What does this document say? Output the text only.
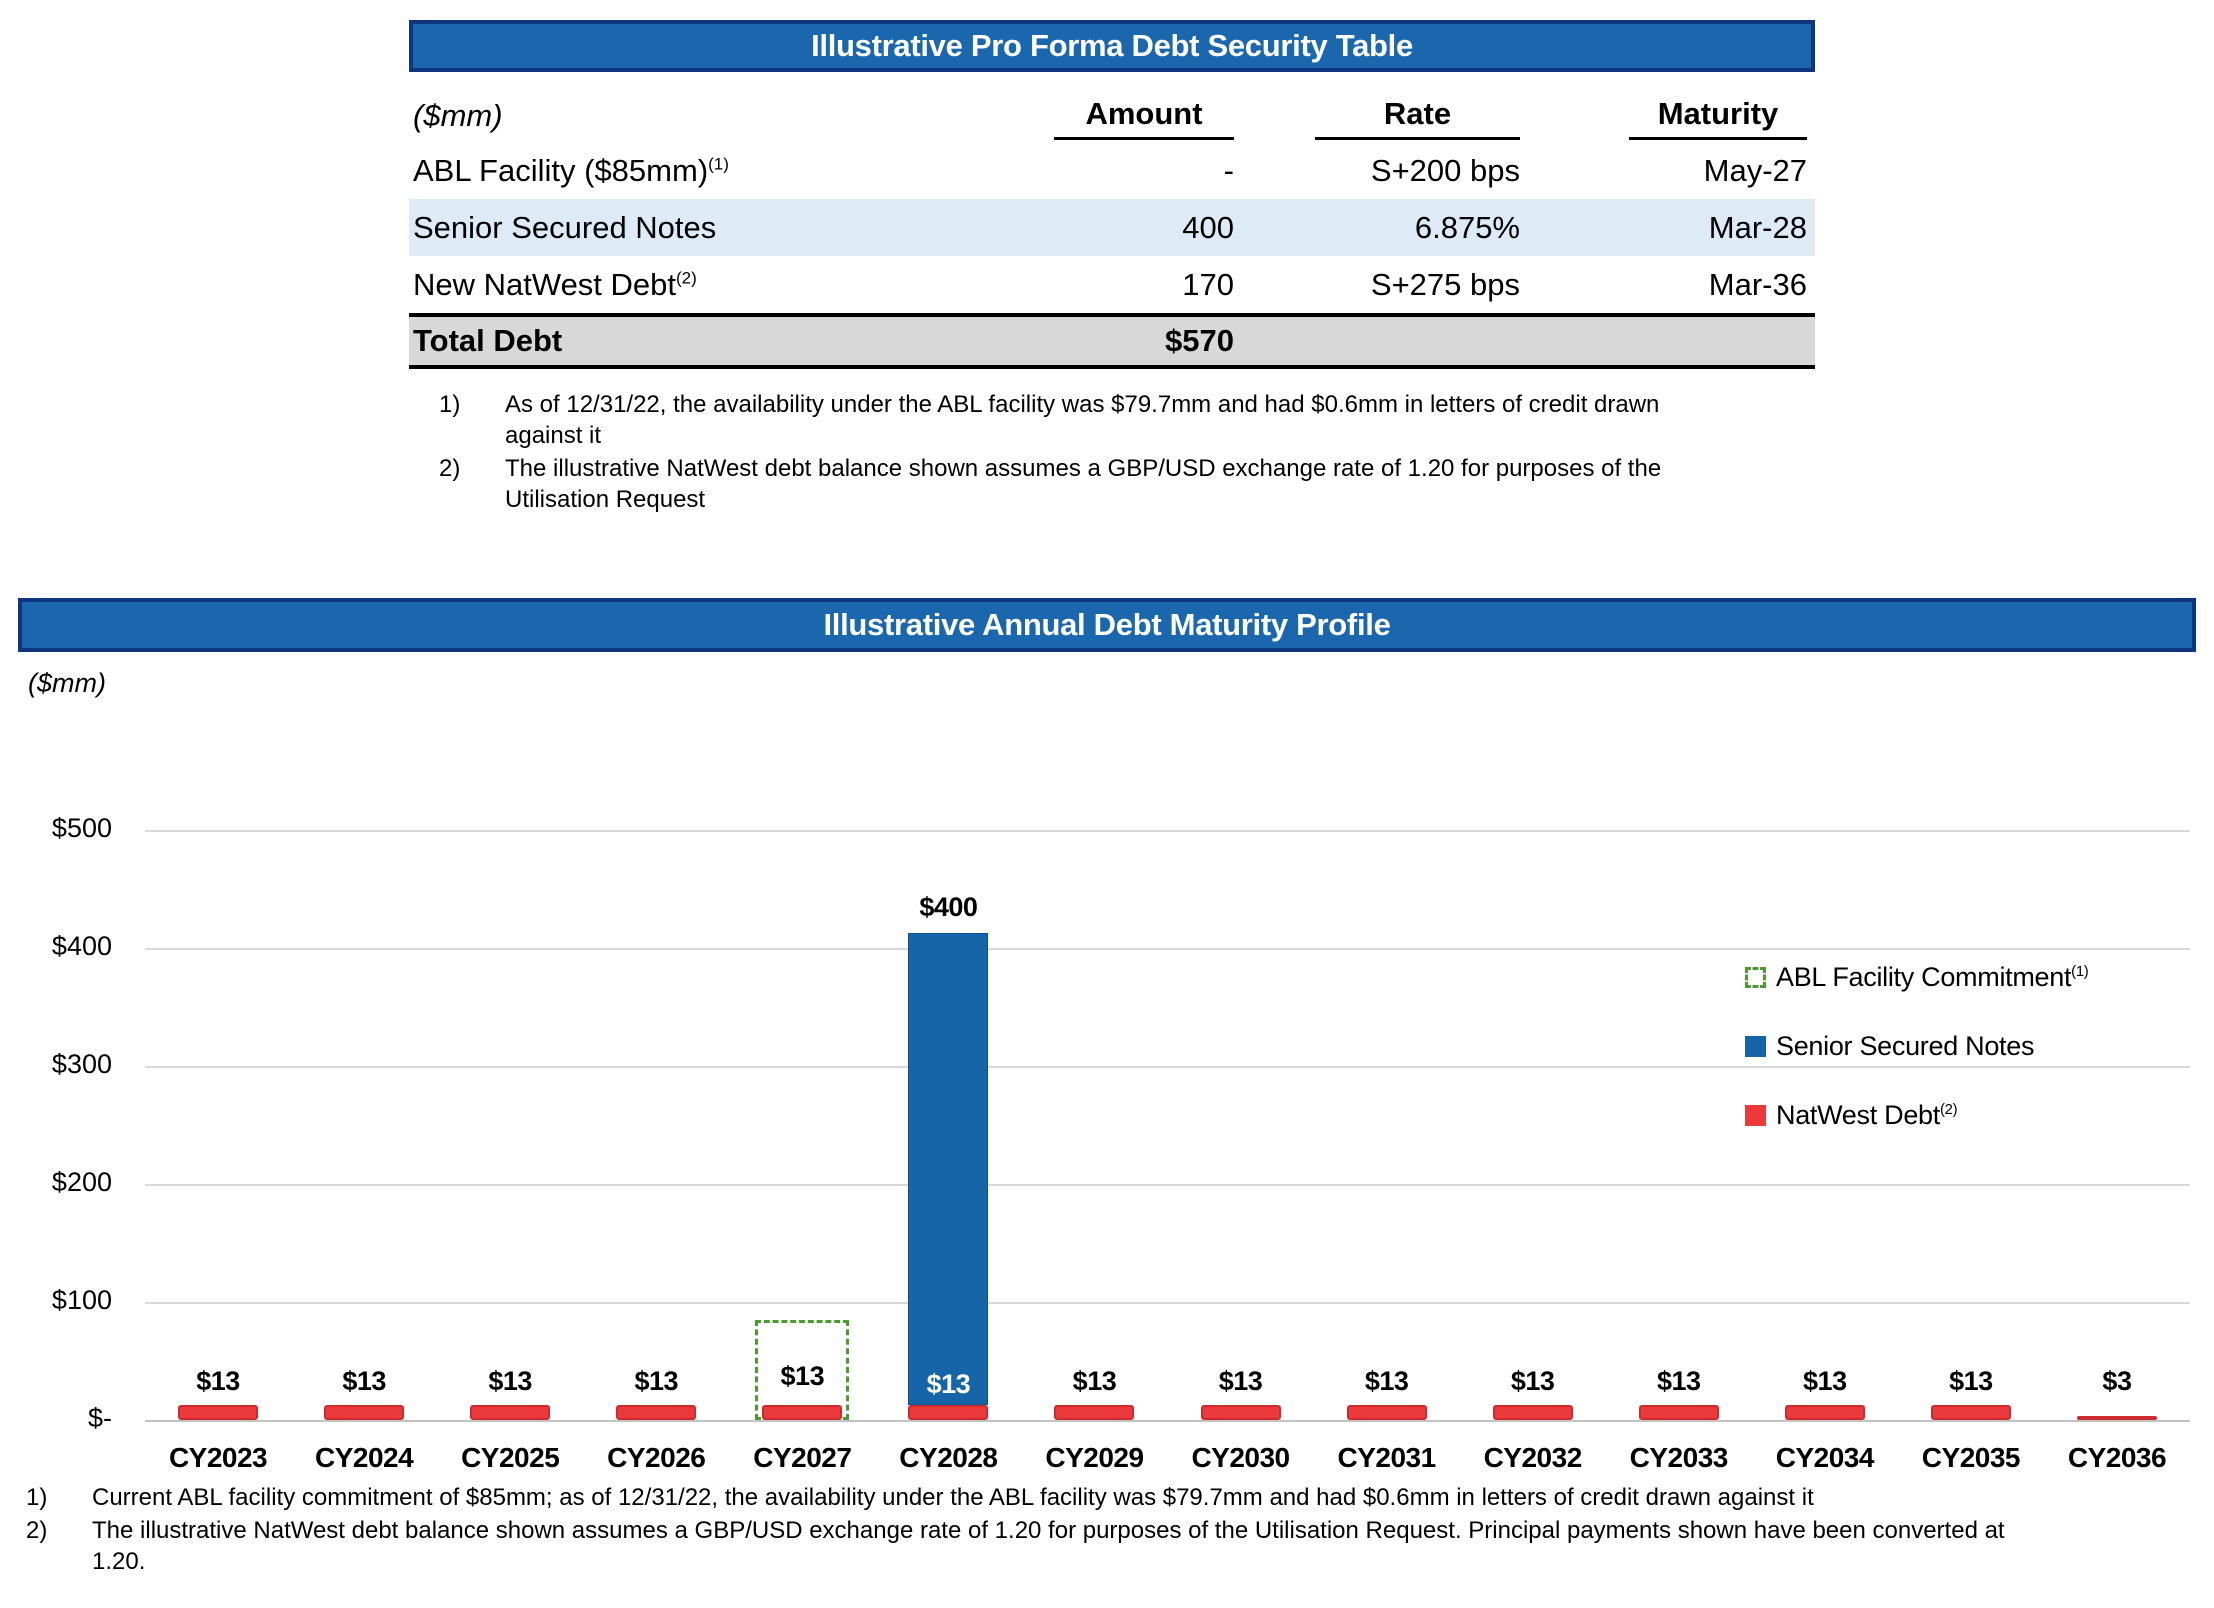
Illustrative Pro Forma Debt Security Table
($mm)	Amount	Rate	Maturity
ABL Facility ($85mm)$^{(1)}$	-	S+200 bps	May-27
Senior Secured Notes	400	6.875%	Mar-28
New NatWest Debt$^{(2)}$	170	S+275 bps	Mar-36
Total Debt	$570
1)	As of 12/31/22, the availability under the ABL facility was $79.7mm and had $0.6mm in letters of credit drawn against it
2)	The illustrative NatWest debt balance shown assumes a GBP/USD exchange rate of 1.20 for purposes of the Utilisation Request
Illustrative Annual Debt Maturity Profile
($mm)
$13	$13	$13	$13	$13	$13
$400
$13	$13	$13	$13	$13	$13	$13	$3
$-
$100
$200
$300
$400
$500
CY2023	CY2024	CY2025	CY2026	CY2027	CY2028	CY2029	CY2030	CY2031	CY2032	CY2033	CY2034	CY2035	CY2036
ABL Facility Commitment$^{(1)}$
Senior Secured Notes
NatWest Debt$^{(2)}$
1)	Current ABL facility commitment of $85mm; as of 12/31/22, the availability under the ABL facility was $79.7mm and had $0.6mm in letters of credit drawn against it
2)	The illustrative NatWest debt balance shown assumes a GBP/USD exchange rate of 1.20 for purposes of the Utilisation Request. Principal payments shown have been converted at 1.20.
